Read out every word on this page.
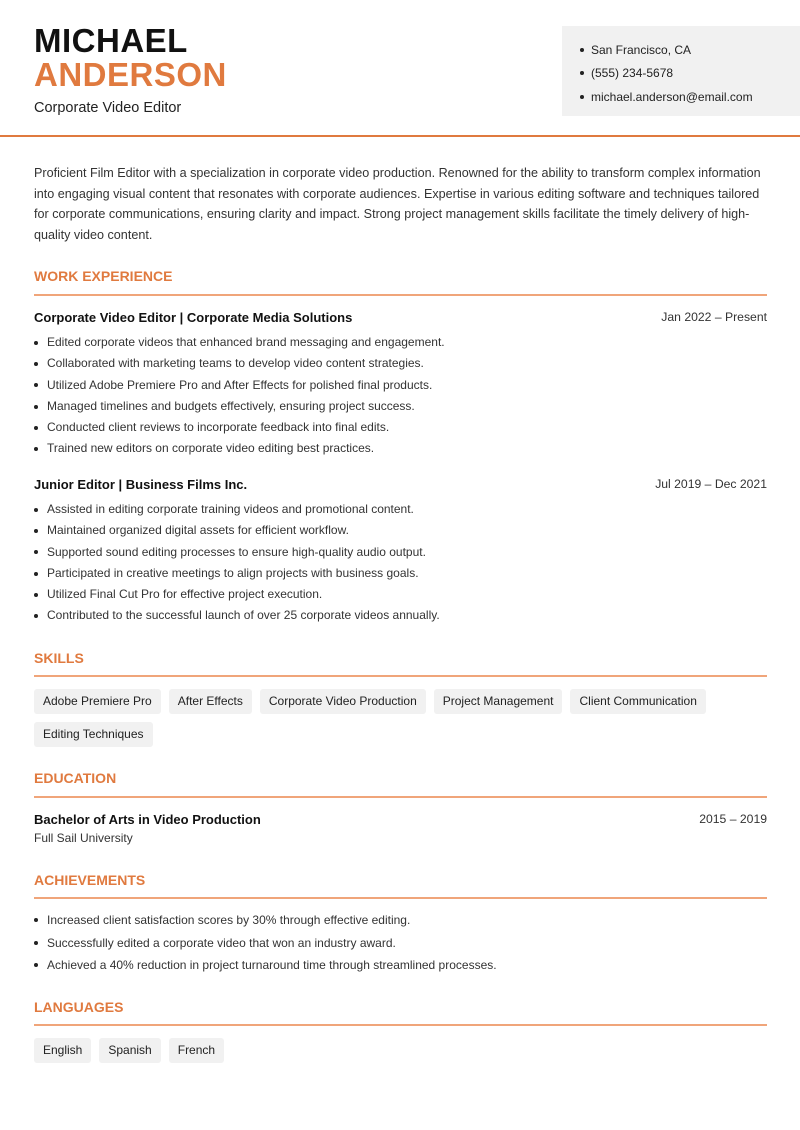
MICHAEL
ANDERSON
Corporate Video Editor
San Francisco, CA
(555) 234-5678
michael.anderson@email.com

Proficient Film Editor with a specialization in corporate video production. Renowned for the ability to transform complex information into engaging visual content that resonates with corporate audiences. Expertise in various editing software and techniques tailored for corporate communications, ensuring clarity and impact. Strong project management skills facilitate the timely delivery of high-quality video content.

WORK EXPERIENCE
Corporate Video Editor | Corporate Media Solutions	Jan 2022 – Present
Edited corporate videos that enhanced brand messaging and engagement.
Collaborated with marketing teams to develop video content strategies.
Utilized Adobe Premiere Pro and After Effects for polished final products.
Managed timelines and budgets effectively, ensuring project success.
Conducted client reviews to incorporate feedback into final edits.
Trained new editors on corporate video editing best practices.
Junior Editor | Business Films Inc.	Jul 2019 – Dec 2021
Assisted in editing corporate training videos and promotional content.
Maintained organized digital assets for efficient workflow.
Supported sound editing processes to ensure high-quality audio output.
Participated in creative meetings to align projects with business goals.
Utilized Final Cut Pro for effective project execution.
Contributed to the successful launch of over 25 corporate videos annually.
SKILLS
Adobe Premiere Pro	After Effects	Corporate Video Production	Project Management	Client Communication
Editing Techniques
EDUCATION
Bachelor of Arts in Video Production	2015 – 2019
Full Sail University
ACHIEVEMENTS
Increased client satisfaction scores by 30% through effective editing.
Successfully edited a corporate video that won an industry award.
Achieved a 40% reduction in project turnaround time through streamlined processes.
LANGUAGES
English	Spanish	French
